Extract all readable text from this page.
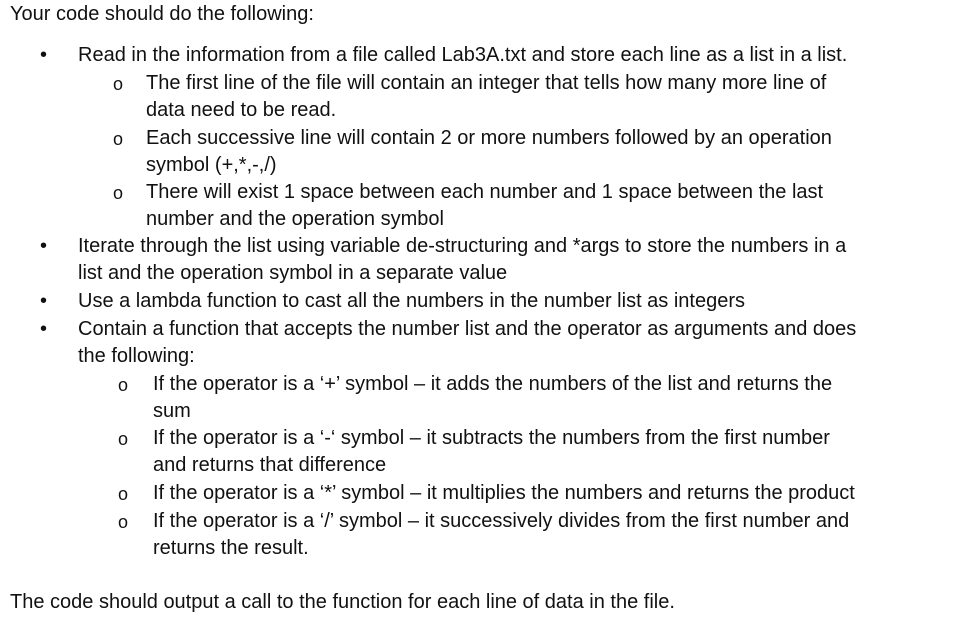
Your code should do the following:
• Read in the information from a file called Lab3A.txt and store each line as a list in a list.
o The first line of the file will contain an integer that tells how many more line of
data need to be read.
o Each successive line will contain 2 or more numbers followed by an operation
symbol (+,*,-,/)
o There will exist 1 space between each number and 1 space between the last
number and the operation symbol
• Iterate through the list using variable de-structuring and *args to store the numbers in a
list and the operation symbol in a separate value
• Use a lambda function to cast all the numbers in the number list as integers
• Contain a function that accepts the number list and the operator as arguments and does
the following:
o If the operator is a ‘+’ symbol – it adds the numbers of the list and returns the
sum
o If the operator is a ‘-‘ symbol – it subtracts the numbers from the first number
and returns that difference
o If the operator is a ‘*’ symbol – it multiplies the numbers and returns the product
o If the operator is a ‘/’ symbol – it successively divides from the first number and
returns the result.
The code should output a call to the function for each line of data in the file.
